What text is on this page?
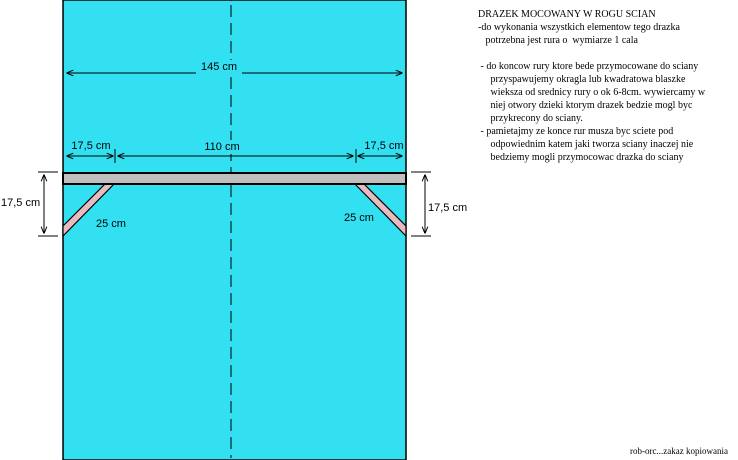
145 cm
17,5 cm	110 cm	17,5 cm
25 cm	25 cm
17,5 cm	17,5 cm
DRAZEK MOCOWANY W ROGU SCIAN
-do wykonania wszystkich elementow tego drazka
potrzebna jest rura o  wymiarze 1 cala

- do koncow rury ktore bede przymocowane do sciany
przyspawujemy okragla lub kwadratowa blaszke
wieksza od srednicy rury o ok 6-8cm. wywiercamy w
niej otwory dzieki ktorym drazek bedzie mogl byc
przykrecony do sciany.
- pamietajmy ze konce rur musza byc sciete pod
odpowiednim katem jaki tworza sciany inaczej nie
bedziemy mogli przymocowac drazka do sciany
rob-orc...zakaz kopiowania
